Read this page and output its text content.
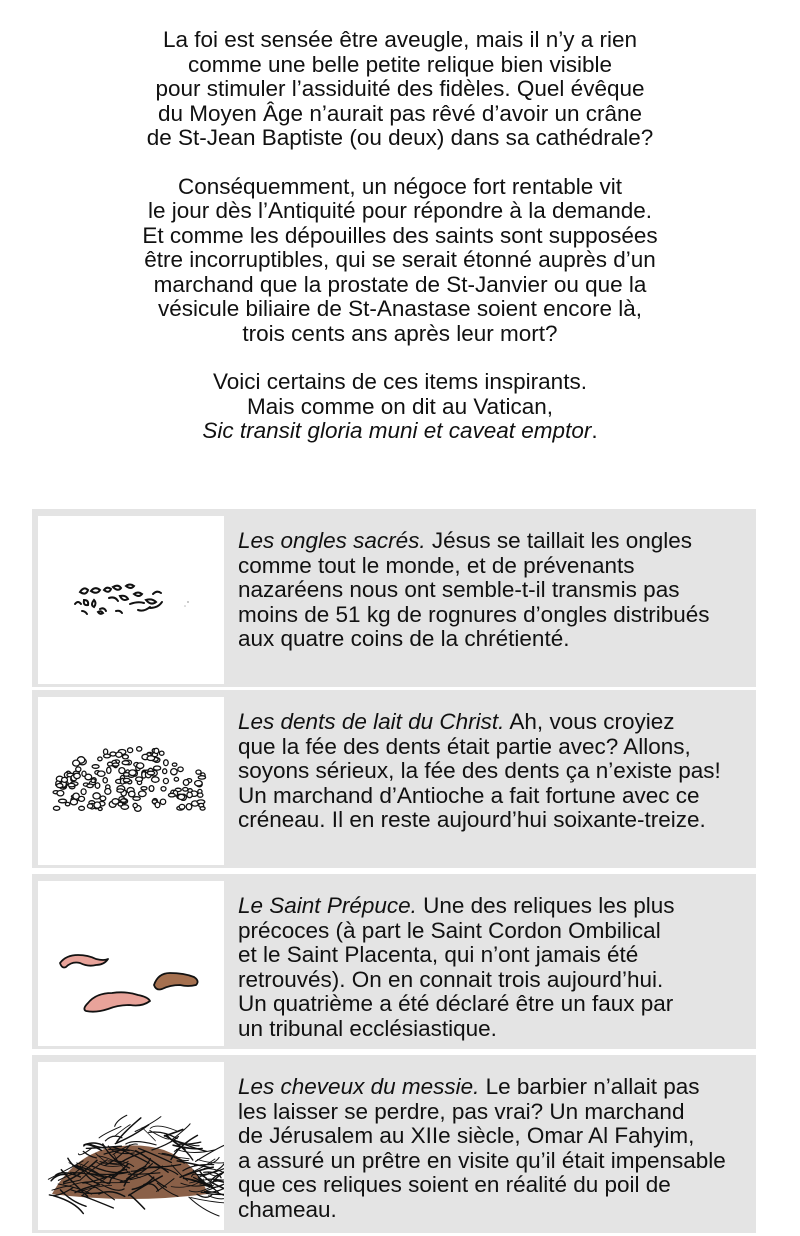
La foi est sensée être aveugle, mais il n’y a rien
comme une belle petite relique bien visible
pour stimuler l’assiduité des fidèles. Quel évêque
du Moyen Âge n’aurait pas rêvé d’avoir un crâne
de St-Jean Baptiste (ou deux) dans sa cathédrale?

Conséquemment, un négoce fort rentable vit
le jour dès l’Antiquité pour répondre à la demande.
Et comme les dépouilles des saints sont supposées
être incorruptibles, qui se serait étonné auprès d’un
marchand que la prostate de St-Janvier ou que la
vésicule biliaire de St-Anastase soient encore là,
trois cents ans après leur mort?

Voici certains de ces items inspirants.
Mais comme on dit au Vatican,
Sic transit gloria muni et caveat emptor.

Les ongles sacrés. Jésus se taillait les ongles
comme tout le monde, et de prévenants
nazaréens nous ont semble-t-il transmis pas
moins de 51 kg de rognures d’ongles distribués
aux quatre coins de la chrétienté.
Les dents de lait du Christ. Ah, vous croyiez
que la fée des dents était partie avec? Allons,
soyons sérieux, la fée des dents ça n’existe pas!
Un marchand d’Antioche a fait fortune avec ce
créneau. Il en reste aujourd’hui soixante-treize.
Le Saint Prépuce. Une des reliques les plus
précoces (à part le Saint Cordon Ombilical
et le Saint Placenta, qui n’ont jamais été
retrouvés). On en connait trois aujourd’hui.
Un quatrième a été déclaré être un faux par
un tribunal ecclésiastique.
Les cheveux du messie. Le barbier n’allait pas
les laisser se perdre, pas vrai? Un marchand
de Jérusalem au XIIe siècle, Omar Al Fahyim,
a assuré un prêtre en visite qu’il était impensable
que ces reliques soient en réalité du poil de
chameau.
